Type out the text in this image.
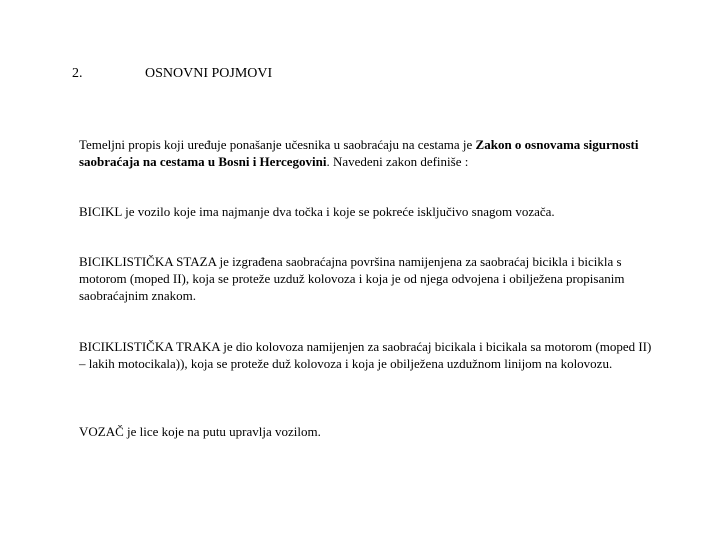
2.	OSNOVNI POJMOVI
Temeljni propis koji uređuje ponašanje učesnika u saobraćaju na cestama je Zakon o osnovama sigurnosti saobraćaja na cestama u Bosni i Hercegovini. Navedeni zakon definiše :
BICIKL je vozilo koje ima najmanje dva točka i koje se pokreće isključivo snagom vozača.
BICIKLISTIČKA STAZA je izgrađena saobraćajna površina namijenjena za saobraćaj bicikla i bicikla s motorom (moped II), koja se proteže uzduž kolovoza i koja je od njega odvojena i obilježena propisanim saobraćajnim znakom.
BICIKLISTIČKA TRAKA je dio kolovoza namijenjen za saobraćaj bicikala i bicikala sa motorom (moped II) – lakih motocikala)), koja se proteže duž kolovoza i koja je obilježena uzdužnom linijom na kolovozu.
VOZAČ je lice koje na putu upravlja vozilom.
